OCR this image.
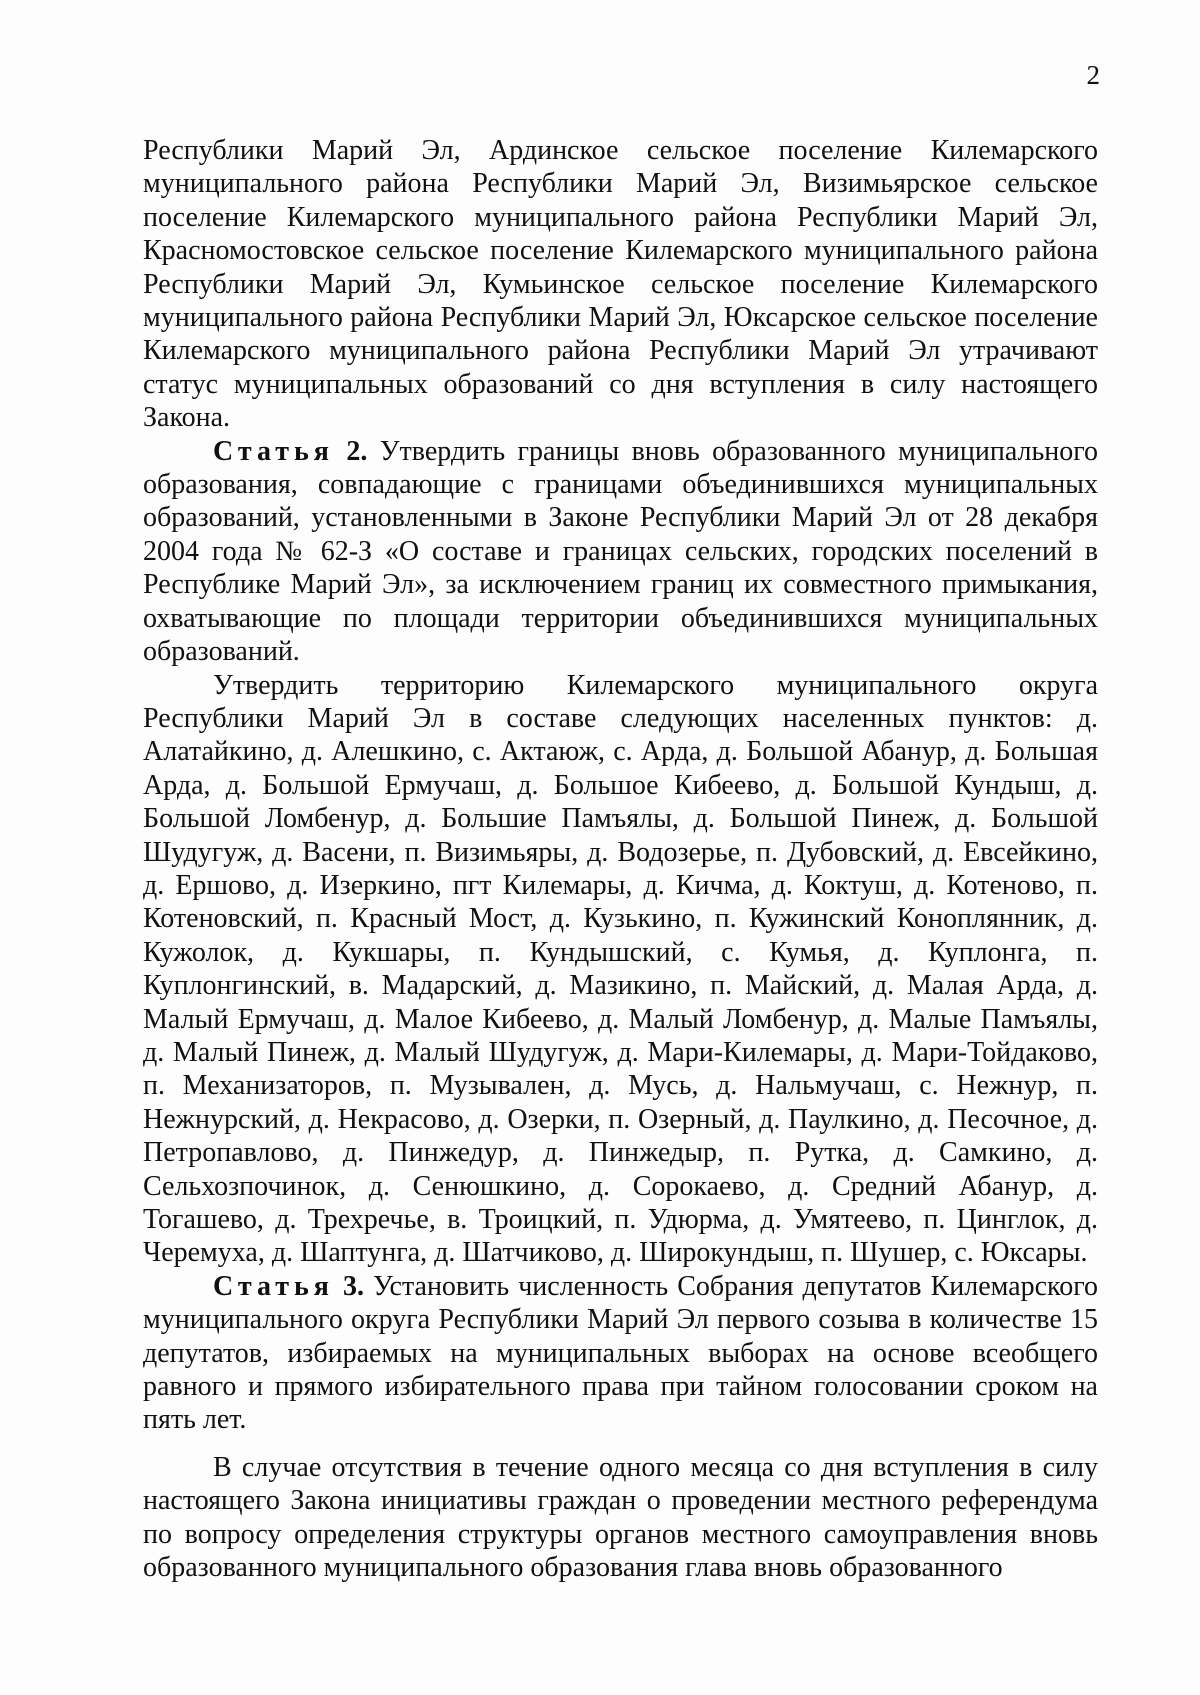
2

Республики Марий Эл, Ардинское сельское поселение Килемарского муниципального района Республики Марий Эл, Визимьярское сельское поселение Килемарского муниципального района Республики Марий Эл, Красномостовское сельское поселение Килемарского муниципального района Республики Марий Эл, Кумьинское сельское поселение Килемарского муниципального района Республики Марий Эл, Юксарское сельское поселение Килемарского муниципального района Республики Марий Эл утрачивают статус муниципальных образований со дня вступления в силу настоящего Закона.

Статья 2. Утвердить границы вновь образованного муниципального образования, совпадающие с границами объединившихся муниципальных образований, установленными в Законе Республики Марий Эл от 28 декабря 2004 года № 62-З «О составе и границах сельских, городских поселений в Республике Марий Эл», за исключением границ их совместного примыкания, охватывающие по площади территории объединившихся муниципальных образований.

Утвердить территорию Килемарского муниципального округа Республики Марий Эл в составе следующих населенных пунктов: д. Алатайкино, д. Алешкино, с. Актаюж, с. Арда, д. Большой Абанур, д. Большая Арда, д. Большой Ермучаш, д. Большое Кибеево, д. Большой Кундыш, д. Большой Ломбенур, д. Большие Памъялы, д. Большой Пинеж, д. Большой Шудугуж, д. Васени, п. Визимьяры, д. Водозерье, п. Дубовский, д. Евсейкино, д. Ершово, д. Изеркино, пгт Килемары, д. Кичма, д. Коктуш, д. Котеново, п. Котеновский, п. Красный Мост, д. Кузькино, п. Кужинский Коноплянник, д. Кужолок, д. Кукшары, п. Кундышский, с. Кумья, д. Куплонга, п. Куплонгинский, в. Мадарский, д. Мазикино, п. Майский, д. Малая Арда, д. Малый Ермучаш, д. Малое Кибеево, д. Малый Ломбенур, д. Малые Памъялы, д. Малый Пинеж, д. Малый Шудугуж, д. Мари-Килемары, д. Мари-Тойдаково, п. Механизаторов, п. Музывален, д. Мусь, д. Нальмучаш, с. Нежнур, п. Нежнурский, д. Некрасово, д. Озерки, п. Озерный, д. Паулкино, д. Песочное, д. Петропавлово, д. Пинжедур, д. Пинжедыр, п. Рутка, д. Самкино, д. Сельхозпочинок, д. Сенюшкино, д. Сорокаево, д. Средний Абанур, д. Тогашево, д. Трехречье, в. Троицкий, п. Удюрма, д. Умятеево, п. Цинглок, д. Черемуха, д. Шаптунга, д. Шатчиково, д. Широкундыш, п. Шушер, с. Юксары.

Статья 3. Установить численность Собрания депутатов Килемарского муниципального округа Республики Марий Эл первого созыва в количестве 15 депутатов, избираемых на муниципальных выборах на основе всеобщего равного и прямого избирательного права при тайном голосовании сроком на пять лет.

В случае отсутствия в течение одного месяца со дня вступления в силу настоящего Закона инициативы граждан о проведении местного референдума по вопросу определения структуры органов местного самоуправления вновь образованного муниципального образования глава вновь образованного
